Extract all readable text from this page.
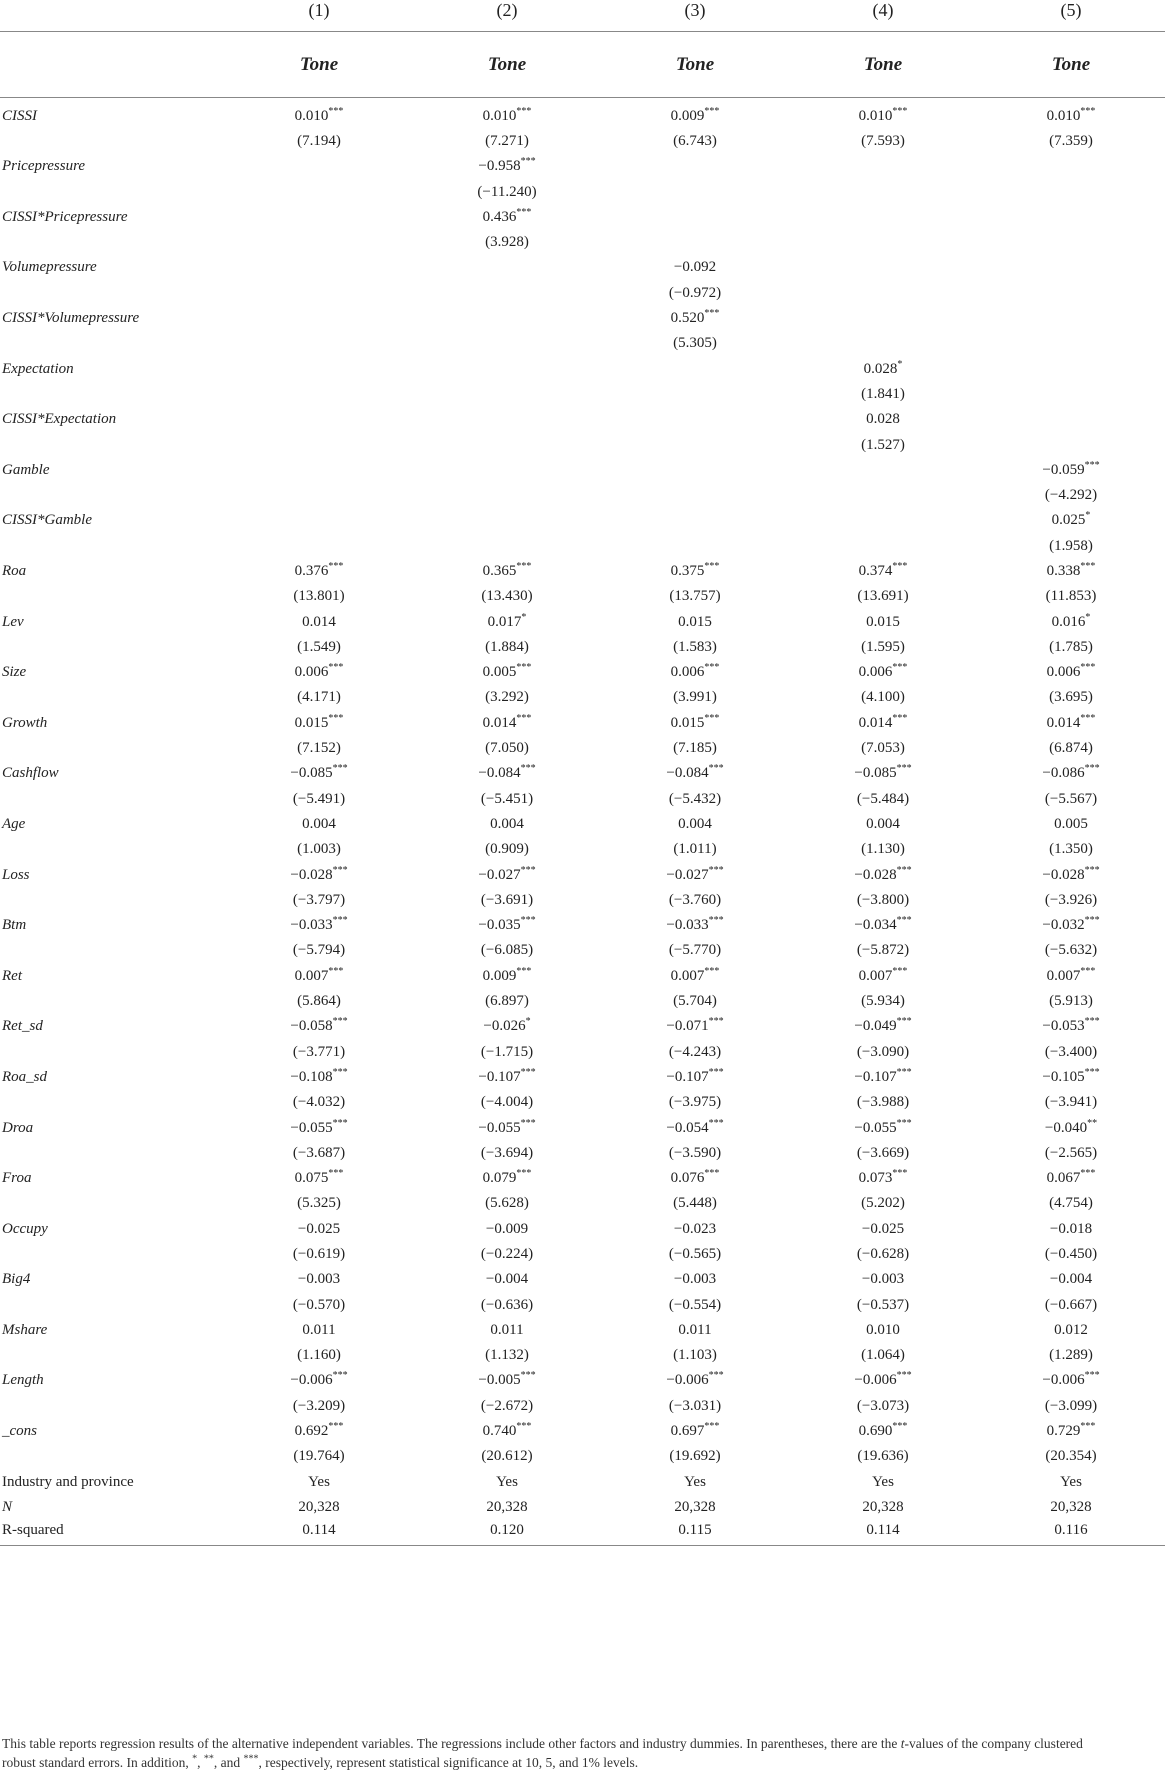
	(1)	(2)	(3)	(4)	(5)
	Tone	Tone	Tone	Tone	Tone

CISSI	0.010***	0.010***	0.009***	0.010***	0.010***
	(7.194)	(7.271)	(6.743)	(7.593)	(7.359)
Pricepressure		−0.958***			
		(−11.240)			
CISSI*Pricepressure		0.436***			
		(3.928)			
Volumepressure			−0.092		
			(−0.972)		
CISSI*Volumepressure			0.520***		
			(5.305)		
Expectation				0.028*	
				(1.841)	
CISSI*Expectation				0.028	
				(1.527)	
Gamble					−0.059***
					(−4.292)
CISSI*Gamble					0.025*
					(1.958)
Roa	0.376***	0.365***	0.375***	0.374***	0.338***
	(13.801)	(13.430)	(13.757)	(13.691)	(11.853)
Lev	0.014	0.017*	0.015	0.015	0.016*
	(1.549)	(1.884)	(1.583)	(1.595)	(1.785)
Size	0.006***	0.005***	0.006***	0.006***	0.006***
	(4.171)	(3.292)	(3.991)	(4.100)	(3.695)
Growth	0.015***	0.014***	0.015***	0.014***	0.014***
	(7.152)	(7.050)	(7.185)	(7.053)	(6.874)
Cashflow	−0.085***	−0.084***	−0.084***	−0.085***	−0.086***
	(−5.491)	(−5.451)	(−5.432)	(−5.484)	(−5.567)
Age	0.004	0.004	0.004	0.004	0.005
	(1.003)	(0.909)	(1.011)	(1.130)	(1.350)
Loss	−0.028***	−0.027***	−0.027***	−0.028***	−0.028***
	(−3.797)	(−3.691)	(−3.760)	(−3.800)	(−3.926)
Btm	−0.033***	−0.035***	−0.033***	−0.034***	−0.032***
	(−5.794)	(−6.085)	(−5.770)	(−5.872)	(−5.632)
Ret	0.007***	0.009***	0.007***	0.007***	0.007***
	(5.864)	(6.897)	(5.704)	(5.934)	(5.913)
Ret_sd	−0.058***	−0.026*	−0.071***	−0.049***	−0.053***
	(−3.771)	(−1.715)	(−4.243)	(−3.090)	(−3.400)
Roa_sd	−0.108***	−0.107***	−0.107***	−0.107***	−0.105***
	(−4.032)	(−4.004)	(−3.975)	(−3.988)	(−3.941)
Droa	−0.055***	−0.055***	−0.054***	−0.055***	−0.040**
	(−3.687)	(−3.694)	(−3.590)	(−3.669)	(−2.565)
Froa	0.075***	0.079***	0.076***	0.073***	0.067***
	(5.325)	(5.628)	(5.448)	(5.202)	(4.754)
Occupy	−0.025	−0.009	−0.023	−0.025	−0.018
	(−0.619)	(−0.224)	(−0.565)	(−0.628)	(−0.450)
Big4	−0.003	−0.004	−0.003	−0.003	−0.004
	(−0.570)	(−0.636)	(−0.554)	(−0.537)	(−0.667)
Mshare	0.011	0.011	0.011	0.010	0.012
	(1.160)	(1.132)	(1.103)	(1.064)	(1.289)
Length	−0.006***	−0.005***	−0.006***	−0.006***	−0.006***
	(−3.209)	(−2.672)	(−3.031)	(−3.073)	(−3.099)
_cons	0.692***	0.740***	0.697***	0.690***	0.729***
	(19.764)	(20.612)	(19.692)	(19.636)	(20.354)
Industry and province	Yes	Yes	Yes	Yes	Yes
N	20,328	20,328	20,328	20,328	20,328
R-squared	0.114	0.120	0.115	0.114	0.116
This table reports regression results of the alternative independent variables. The regressions include other factors and industry dummies. In parentheses, there are the t-values of the company clustered robust standard errors. In addition, *, **, and ***, respectively, represent statistical significance at 10, 5, and 1% levels.
